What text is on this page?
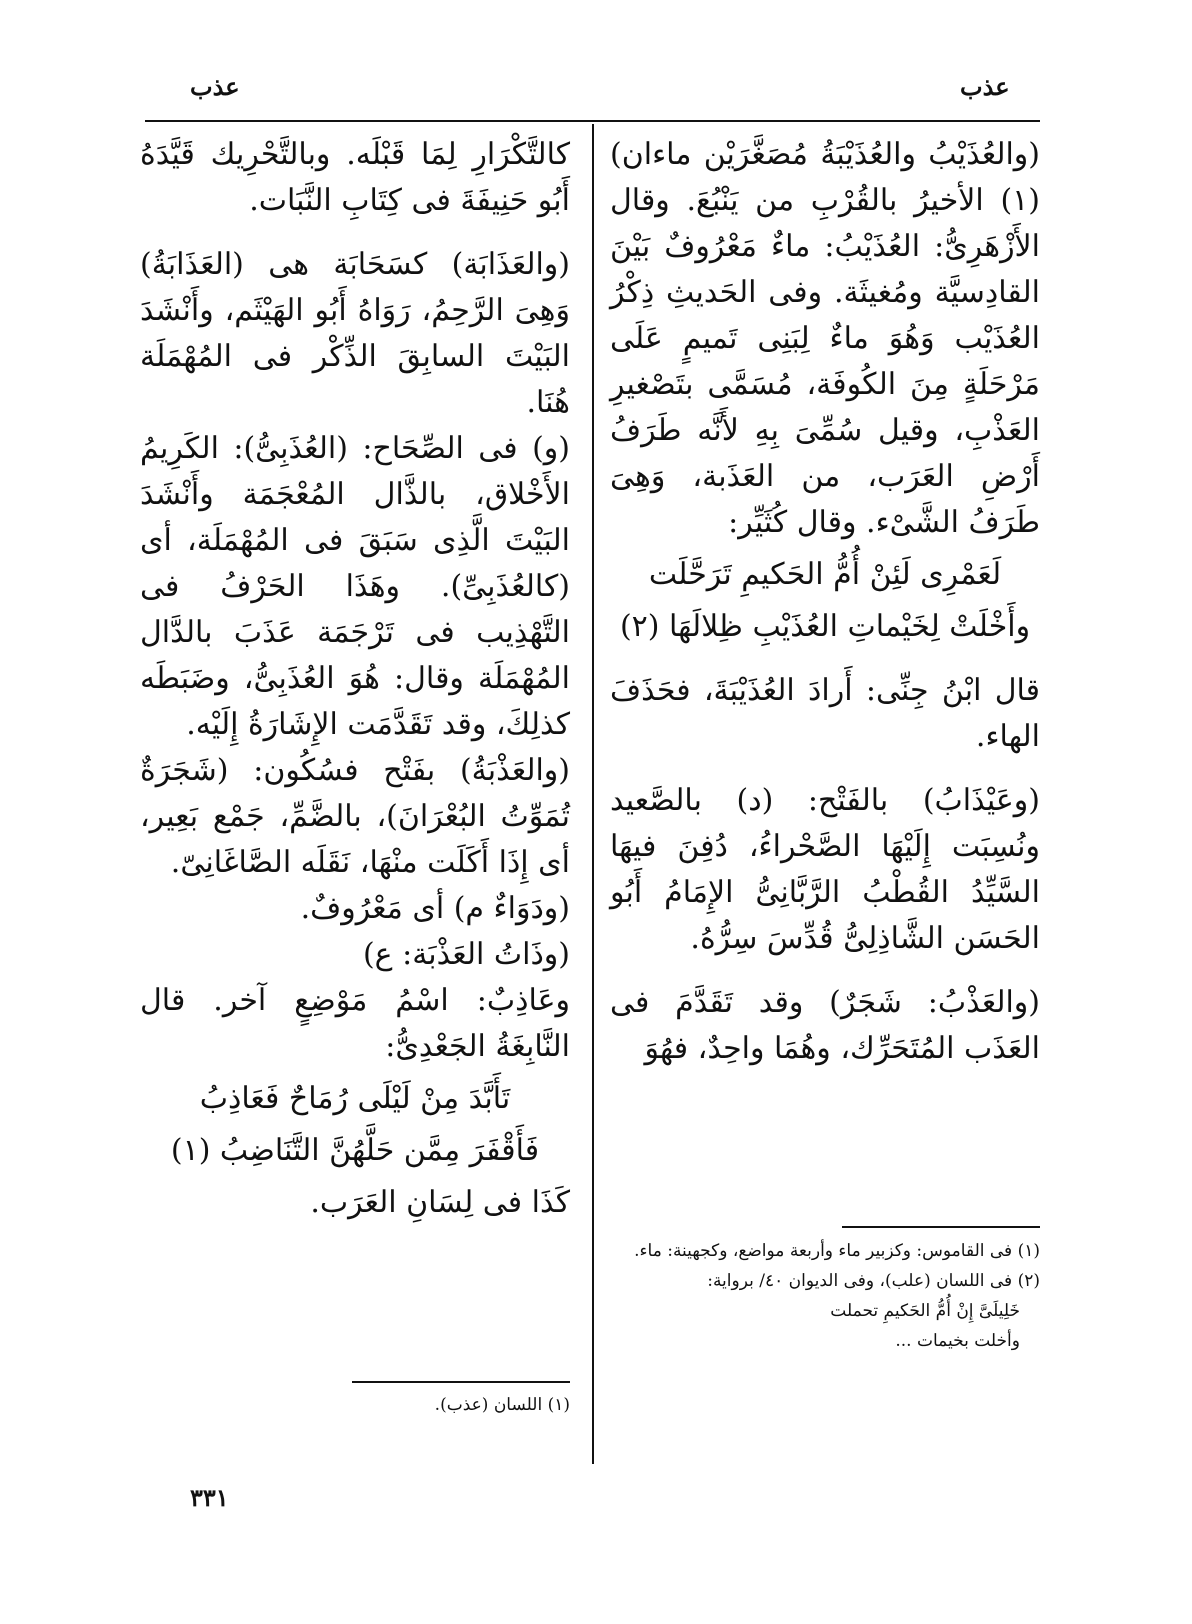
عذب
عذب

(والعُذَيْبُ والعُذَيْبَةُ مُصَغَّرَيْن ماءان) (١) الأخيرُ بالقُرْبِ من يَنْبُعَ. وقال الأَزْهَرِىُّ: العُذَيْبُ: ماءٌ مَعْرُوفٌ بَيْنَ القادِسيَّة ومُغيثَة. وفى الحَديثِ ذِكْرُ العُذَيْب وَهُوَ ماءٌ لِبَنِى تَميمٍ عَلَى مَرْحَلَةٍ مِنَ الكُوفَة، مُسَمَّى بتَصْغيرِ العَذْبِ، وقيل سُمِّىَ بِهِ لأَنَّه طَرَفُ أَرْضِ العَرَب، من العَذَبة، وَهِىَ طَرَفُ الشَّىْء. وقال كُثَيِّر:

لَعَمْرِى لَئِنْ أُمُّ الحَكيمِ تَرَحَّلَت
وأَخْلَتْ لِخَيْماتِ العُذَيْبِ ظِلالَهَا (٢)

قال ابْنُ جِنِّى: أَرادَ العُذَيْبَةَ، فحَذَفَ الهاء.

(وعَيْذَابُ) بالفَتْح: (د) بالصَّعيد ونُسِبَت إِلَيْهَا الصَّحْراءُ، دُفِنَ فيهَا السَّيِّدُ القُطْبُ الرَّبَّانِىُّ الإِمَامُ أَبُو الحَسَن الشَّاذِلِىُّ قُدِّسَ سِرُّهُ.

(والعَذْبُ: شَجَرٌ) وقد تَقَدَّمَ فى العَذَب المُتَحَرِّك، وهُمَا واحِدٌ، فهُوَ

(١) فى القاموس: وكزبير ماء وأربعة مواضع، وكجهينة: ماء.
(٢) فى اللسان (علب)، وفى الديوان ٤٠/ برواية:
خَلِيلَىَّ إِنْ أُمُّ الحَكيمِ تحملت
وأخلت بخيمات ...

كالتَّكْرَارِ لِمَا قَبْلَه. وبالتَّحْرِيك قَيَّدَهُ أَبُو حَنِيفَةَ فى كِتَابِ النَّبَات.

(والعَذَابَة) كسَحَابَة هى (العَذَابَةُ) وَهِىَ الرَّحِمُ، رَوَاهُ أَبُو الهَيْثَم، وأَنْشَدَ البَيْتَ السابِقَ الذِّكْر فى المُهْمَلَة هُنَا.

(و) فى الصِّحَاح: (العُذَبِىُّ): الكَرِيمُ الأَخْلاق، بالذَّال المُعْجَمَة وأَنْشَدَ البَيْتَ الَّذِى سَبَقَ فى المُهْمَلَة، أى (كالعُذَبِىِّ). وهَذَا الحَرْفُ فى التَّهْذِيب فى تَرْجَمَة عَذَبَ بالدَّال المُهْمَلَة وقال: هُوَ العُذَبِىُّ، وضَبَطَه كذلِكَ، وقد تَقَدَّمَت الإِشَارَةُ إِلَيْه.

(والعَذْبَةُ) بفَتْح فسُكُون: (شَجَرَةٌ تُمَوِّتُ البُعْرَانَ)، بالضَّمِّ، جَمْع بَعِير، أى إِذَا أَكَلَت منْهَا، نَقَلَه الصَّاغَانِىّ.

(ودَوَاءٌ م) أى مَعْرُوفٌ.

(وذَاتُ العَذْبَة: ع)

وعَاذِبٌ: اسْمُ مَوْضِعٍ آخر. قال النَّابِغَةُ الجَعْدِىُّ:

تَأَبَّدَ مِنْ لَيْلَى رُمَاحٌ فَعَاذِبُ
فَأَقْفَرَ مِمَّن حَلَّهُنَّ التَّنَاضِبُ (١)

كَذَا فى لِسَانِ العَرَب.

(١) اللسان (عذب).
٣٣١
